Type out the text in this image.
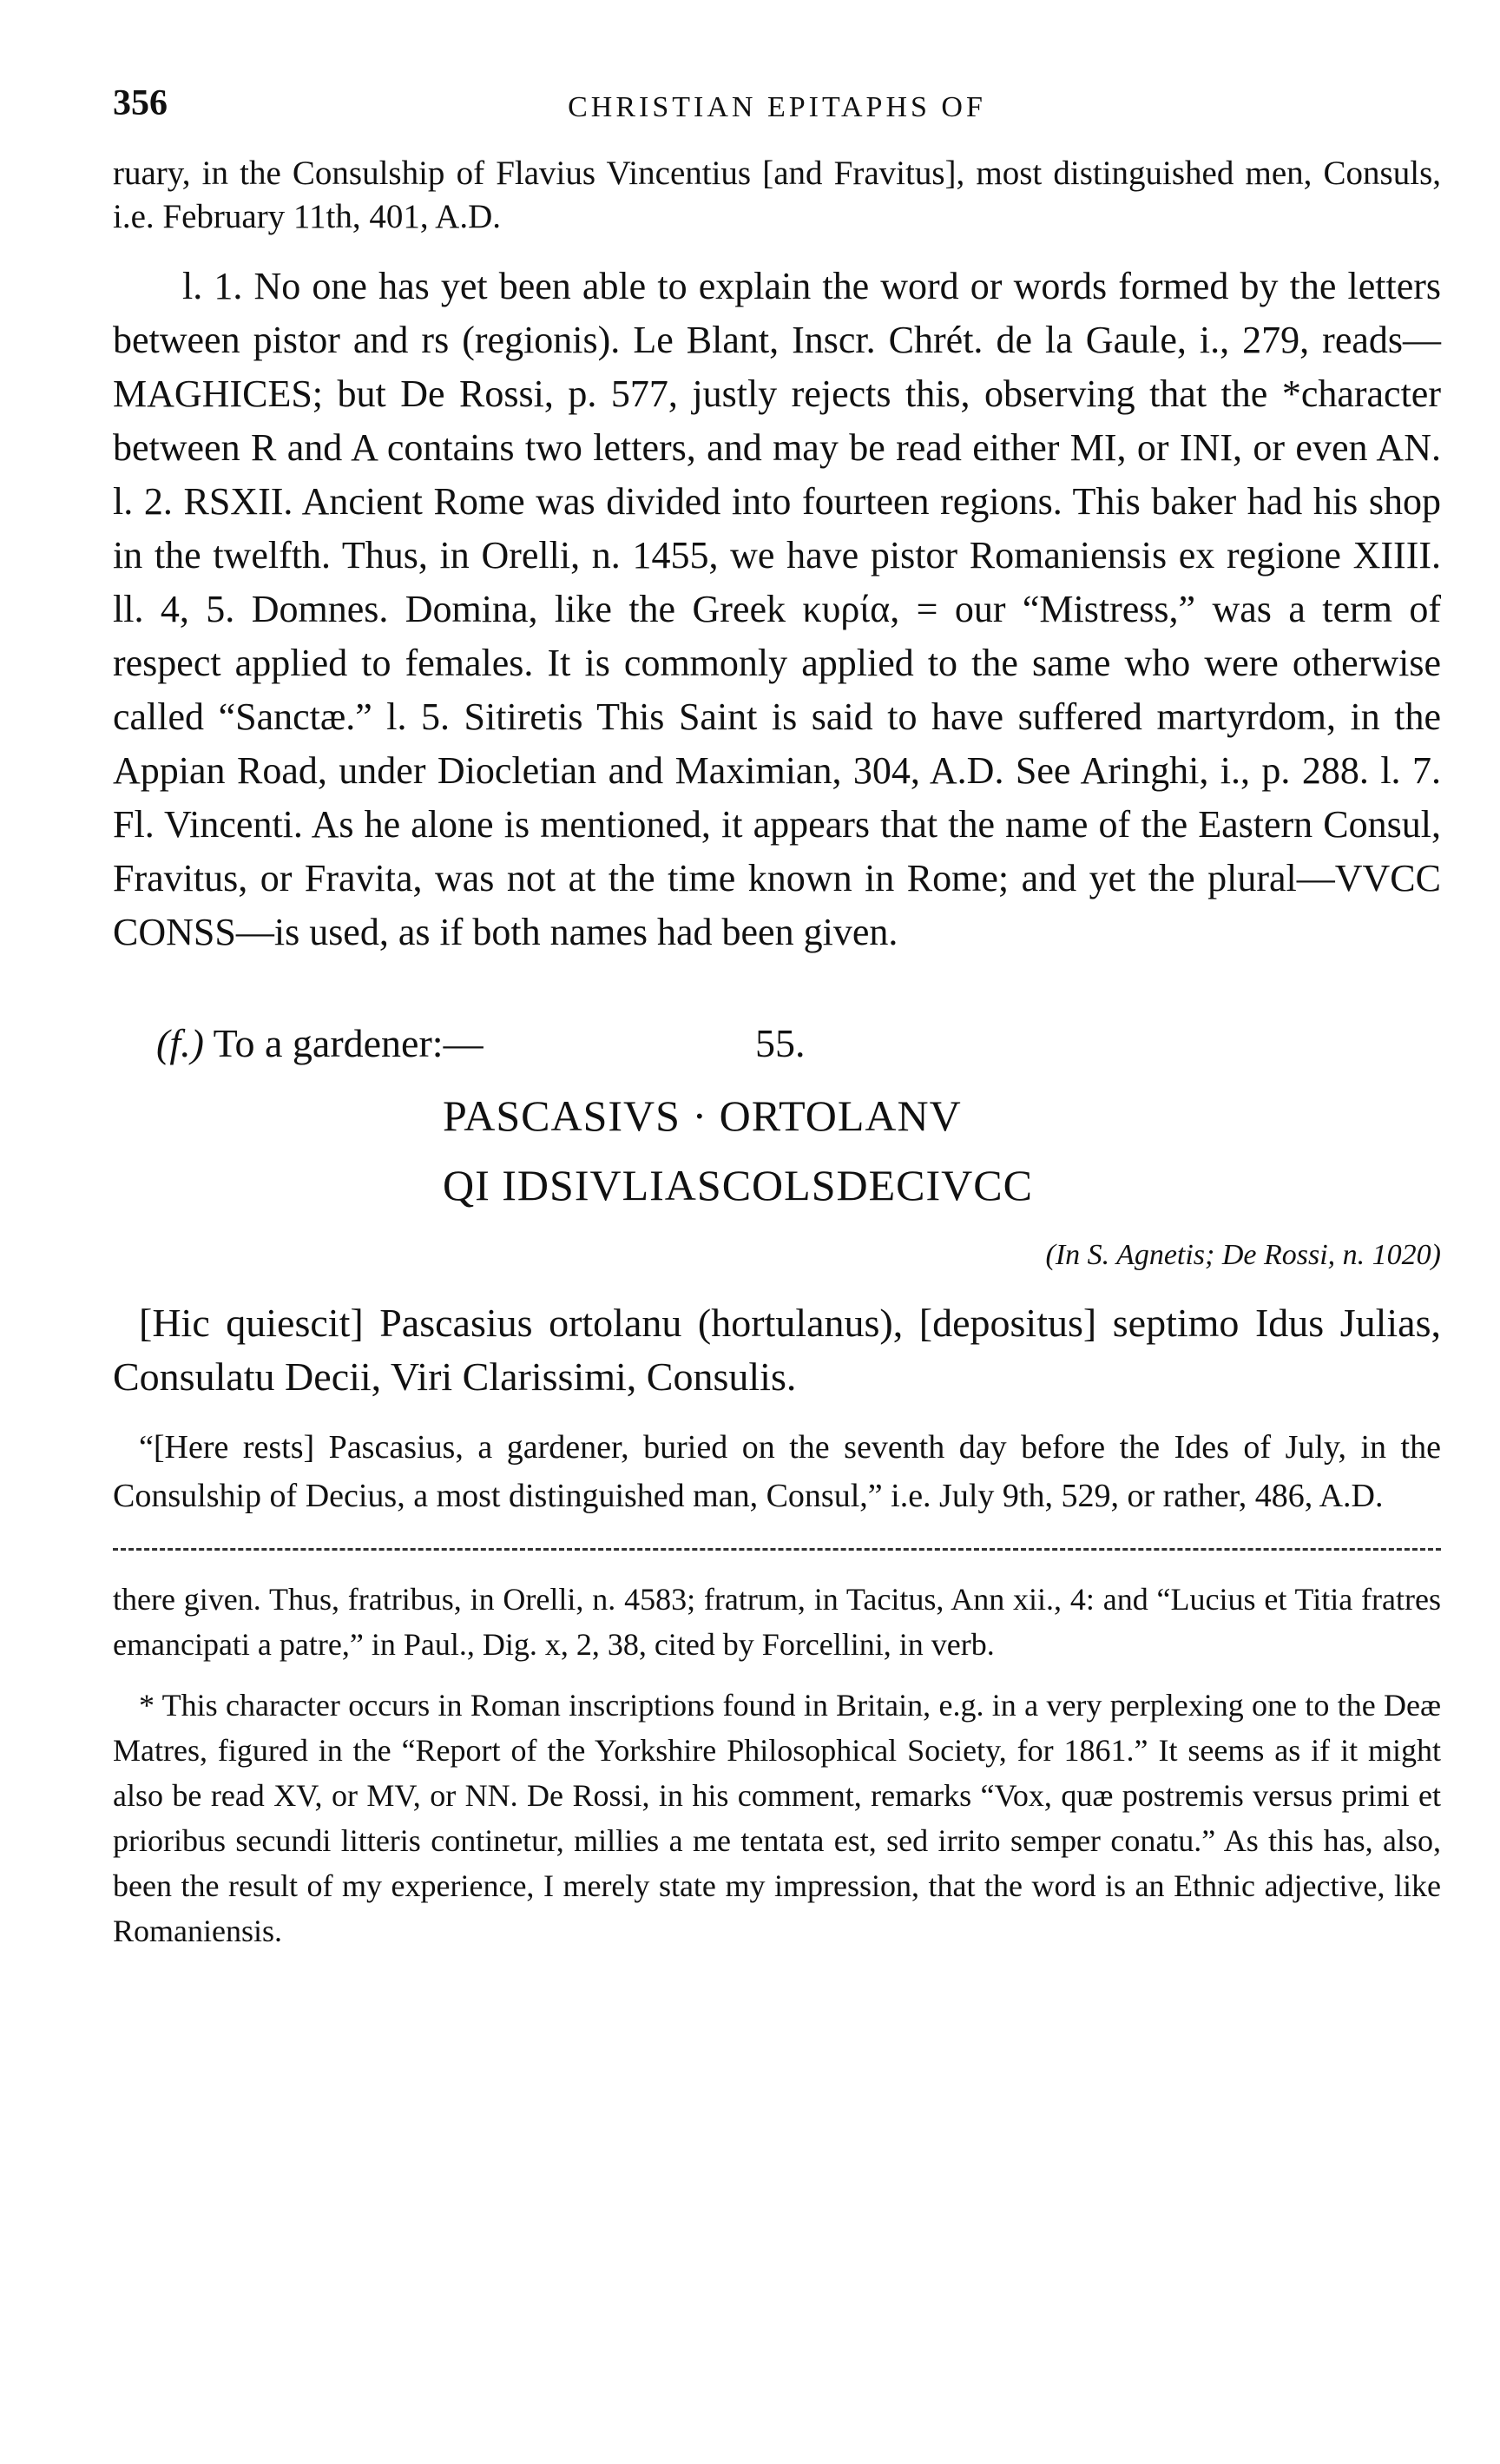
356	CHRISTIAN EPITAPHS OF

ruary, in the Consulship of Flavius Vincentius [and Fravitus], most distinguished men, Consuls, i.e. February 11th, 401, A.D.

l. 1. No one has yet been able to explain the word or words formed by the letters between pistor and rs (regionis). Le Blant, Inscr. Chrét. de la Gaule, i., 279, reads—MAGHICES; but De Rossi, p. 577, justly rejects this, observing that the *character between R and A contains two letters, and may be read either MI, or INI, or even AN. l. 2. RSXII. Ancient Rome was divided into fourteen regions. This baker had his shop in the twelfth. Thus, in Orelli, n. 1455, we have pistor Romaniensis ex regione XIIII. ll. 4, 5. Domnes. Domina, like the Greek κυρία, = our “Mistress,” was a term of respect applied to females. It is commonly applied to the same who were otherwise called “Sanctæ.” l. 5. Sitiretis This Saint is said to have suffered martyrdom, in the Appian Road, under Diocletian and Maximian, 304, A.D. See Aringhi, i., p. 288. l. 7. Fl. Vincenti. As he alone is mentioned, it appears that the name of the Eastern Consul, Fravitus, or Fravita, was not at the time known in Rome; and yet the plural—VVCC CONSS—is used, as if both names had been given.

(f.) To a gardener:—	55.

PASCASIVS · ORTOLANV

QI IDSIVLIASCOLSDECIVCC

(In S. Agnetis; De Rossi, n. 1020)

[Hic quiescit] Pascasius ortolanu (hortulanus), [depositus] septimo Idus Julias, Consulatu Decii, Viri Clarissimi, Consulis.

“[Here rests] Pascasius, a gardener, buried on the seventh day before the Ides of July, in the Consulship of Decius, a most distinguished man, Consul,” i.e. July 9th, 529, or rather, 486, A.D.

there given. Thus, fratribus, in Orelli, n. 4583; fratrum, in Tacitus, Ann xii., 4: and “Lucius et Titia fratres emancipati a patre,” in Paul., Dig. x, 2, 38, cited by Forcellini, in verb.

* This character occurs in Roman inscriptions found in Britain, e.g. in a very perplexing one to the Deæ Matres, figured in the “Report of the Yorkshire Philosophical Society, for 1861.” It seems as if it might also be read XV, or MV, or NN. De Rossi, in his comment, remarks “Vox, quæ postremis versus primi et prioribus secundi litteris continetur, millies a me tentata est, sed irrito semper conatu.” As this has, also, been the result of my experience, I merely state my impression, that the word is an Ethnic adjective, like Romaniensis.
